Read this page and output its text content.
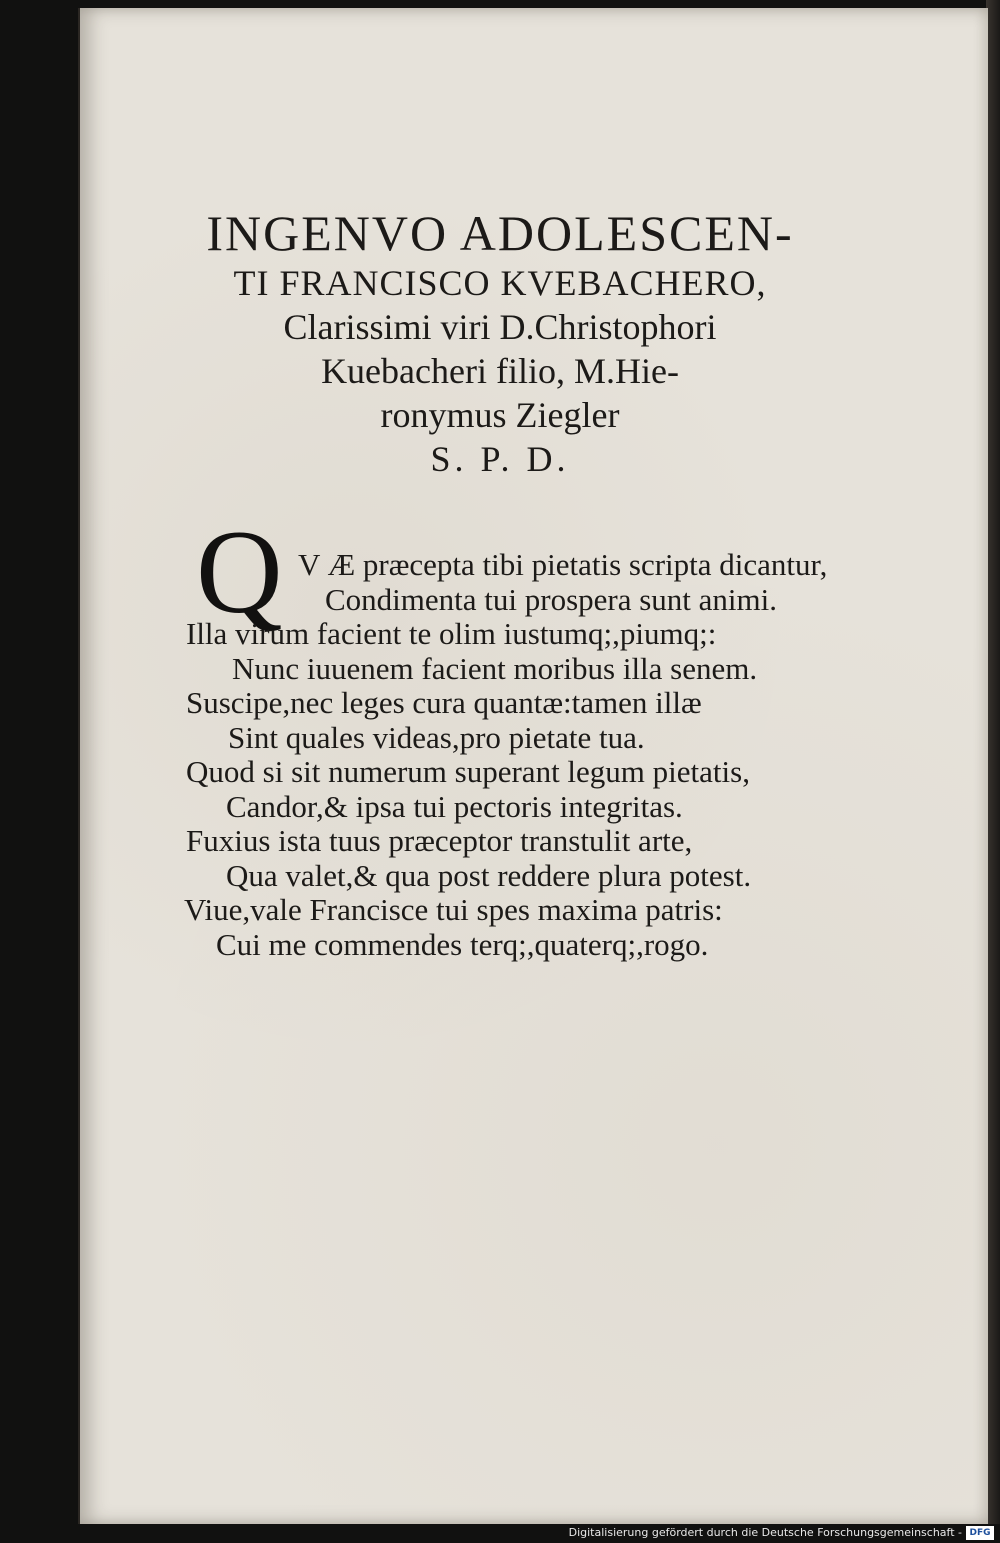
INGENVO ADOLESCEN-
TI FRANCISCO KVEBACHERO,
Clarissimi viri D.Christophori
Kuebacheri filio, M.Hie-
ronymus Ziegler
S. P. D.
Q V Æ præcepta tibi pietatis scripta dicantur,
Condimenta tui prospera sunt animi.
Illa virum facient te olim iustumq;,piumq;:
Nunc iuuenem facient moribus illa senem.
Suscipe,nec leges cura quantæ:tamen illæ
Sint quales videas,pro pietate tua.
Quod si sit numerum superant legum pietatis,
Candor,& ipsa tui pectoris integritas.
Fuxius ista tuus præceptor transtulit arte,
Qua valet,& qua post reddere plura potest.
Viue,vale Francisce tui spes maxima patris:
Cui me commendes terq;,quaterq;,rogo.
Digitalisierung gefördert durch die Deutsche Forschungsgemeinschaft - DFG
